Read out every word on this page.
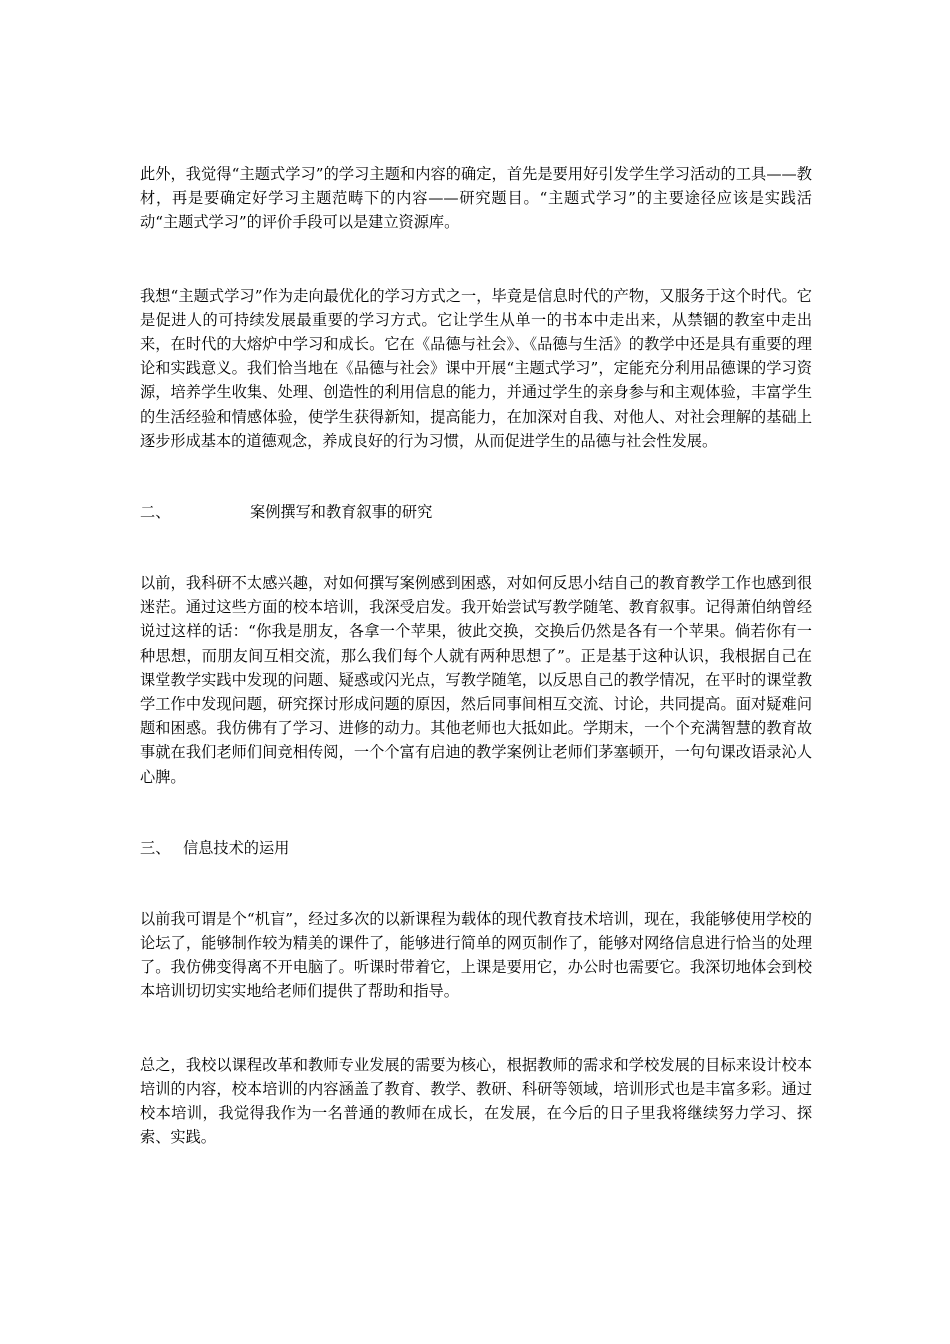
此外，我觉得“主题式学习”的学习主题和内容的确定，首先是要用好引发学生学习活动的工具——教材，再是要确定好学习主题范畴下的内容——研究题目。“主题式学习”的主要途径应该是实践活动“主题式学习”的评价手段可以是建立资源库。

我想“主题式学习”作为走向最优化的学习方式之一，毕竟是信息时代的产物，又服务于这个时代。它是促进人的可持续发展最重要的学习方式。它让学生从单一的书本中走出来，从禁锢的教室中走出来，在时代的大熔炉中学习和成长。它在《品德与社会》、《品德与生活》的教学中还是具有重要的理论和实践意义。我们恰当地在《品德与社会》课中开展“主题式学习”，定能充分利用品德课的学习资源，培养学生收集、处理、创造性的利用信息的能力，并通过学生的亲身参与和主观体验，丰富学生的生活经验和情感体验，使学生获得新知，提高能力，在加深对自我、对他人、对社会理解的基础上逐步形成基本的道德观念，养成良好的行为习惯，从而促进学生的品德与社会性发展。

二、	案例撰写和教育叙事的研究

以前，我科研不太感兴趣，对如何撰写案例感到困惑，对如何反思小结自己的教育教学工作也感到很迷茫。通过这些方面的校本培训，我深受启发。我开始尝试写教学随笔、教育叙事。记得萧伯纳曾经说过这样的话：“你我是朋友，各拿一个苹果，彼此交换，交换后仍然是各有一个苹果。倘若你有一种思想，而朋友间互相交流，那么我们每个人就有两种思想了”。正是基于这种认识，我根据自己在课堂教学实践中发现的问题、疑惑或闪光点，写教学随笔，以反思自己的教学情况，在平时的课堂教学工作中发现问题，研究探讨形成问题的原因，然后同事间相互交流、讨论，共同提高。面对疑难问题和困惑。我仿佛有了学习、进修的动力。其他老师也大抵如此。学期末，一个个充满智慧的教育故事就在我们老师们间竞相传阅，一个个富有启迪的教学案例让老师们茅塞顿开，一句句课改语录沁人心脾。

三、 信息技术的运用

以前我可谓是个“机盲”，经过多次的以新课程为载体的现代教育技术培训，现在，我能够使用学校的论坛了，能够制作较为精美的课件了，能够进行简单的网页制作了，能够对网络信息进行恰当的处理了。我仿佛变得离不开电脑了。听课时带着它，上课是要用它，办公时也需要它。我深切地体会到校本培训切切实实地给老师们提供了帮助和指导。

总之，我校以课程改革和教师专业发展的需要为核心，根据教师的需求和学校发展的目标来设计校本培训的内容，校本培训的内容涵盖了教育、教学、教研、科研等领域，培训形式也是丰富多彩。通过校本培训，我觉得我作为一名普通的教师在成长，在发展，在今后的日子里我将继续努力学习、探索、实践。
